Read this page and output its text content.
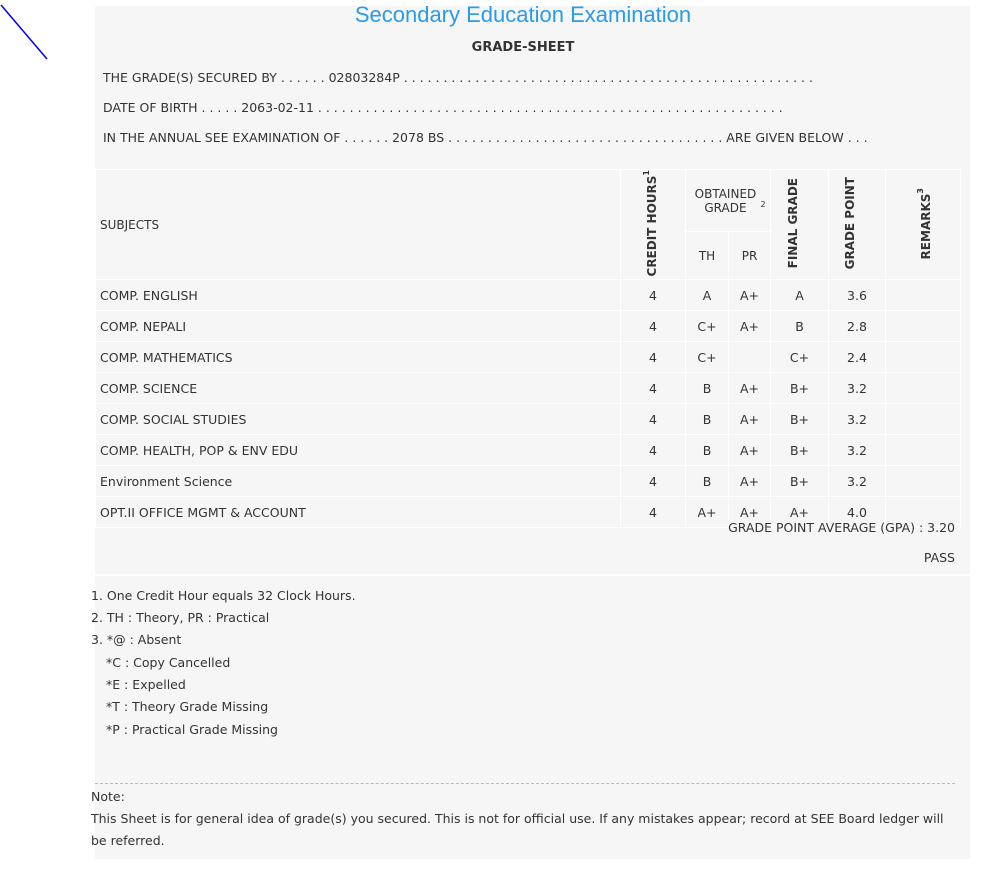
Secondary Education Examination
GRADE-SHEET
THE GRADE(S) SECURED BY . . . . . . 02803284P . . . . . . . . . . . . . . . . . . . . . . . . . . . . . . . . . . . . . . . . . . . . . . . . . . . .
DATE OF BIRTH . . . . . 2063-02-11 . . . . . . . . . . . . . . . . . . . . . . . . . . . . . . . . . . . . . . . . . . . . . . . . . . . . . . . . . . .
IN THE ANNUAL SEE EXAMINATION OF . . . . . . 2078 BS . . . . . . . . . . . . . . . . . . . . . . . . . . . . . . . . . . . ARE GIVEN BELOW . . .
SUBJECTS	CREDIT HOURS$^1$	OBTAINED GRADE $^2$		FINAL GRADE	GRADE POINT	REMARKS$^3$
		TH	PR			
COMP. ENGLISH	4	A	A+	A	3.6	
COMP. NEPALI	4	C+	A+	B	2.8	
COMP. MATHEMATICS	4	C+		C+	2.4	
COMP. SCIENCE	4	B	A+	B+	3.2	
COMP. SOCIAL STUDIES	4	B	A+	B+	3.2	
COMP. HEALTH, POP & ENV EDU	4	B	A+	B+	3.2	
Environment Science	4	B	A+	B+	3.2	
OPT.II OFFICE MGMT & ACCOUNT	4	A+	A+	A+	4.0	
GRADE POINT AVERAGE (GPA) : 3.20
PASS
1. One Credit Hour equals 32 Clock Hours.
2. TH : Theory, PR : Practical
3. *@ : Absent
*C : Copy Cancelled
*E : Expelled
*T : Theory Grade Missing
*P : Practical Grade Missing
Note:
This Sheet is for general idea of grade(s) you secured. This is not for official use. If any mistakes appear; record at SEE Board ledger will
be referred.
